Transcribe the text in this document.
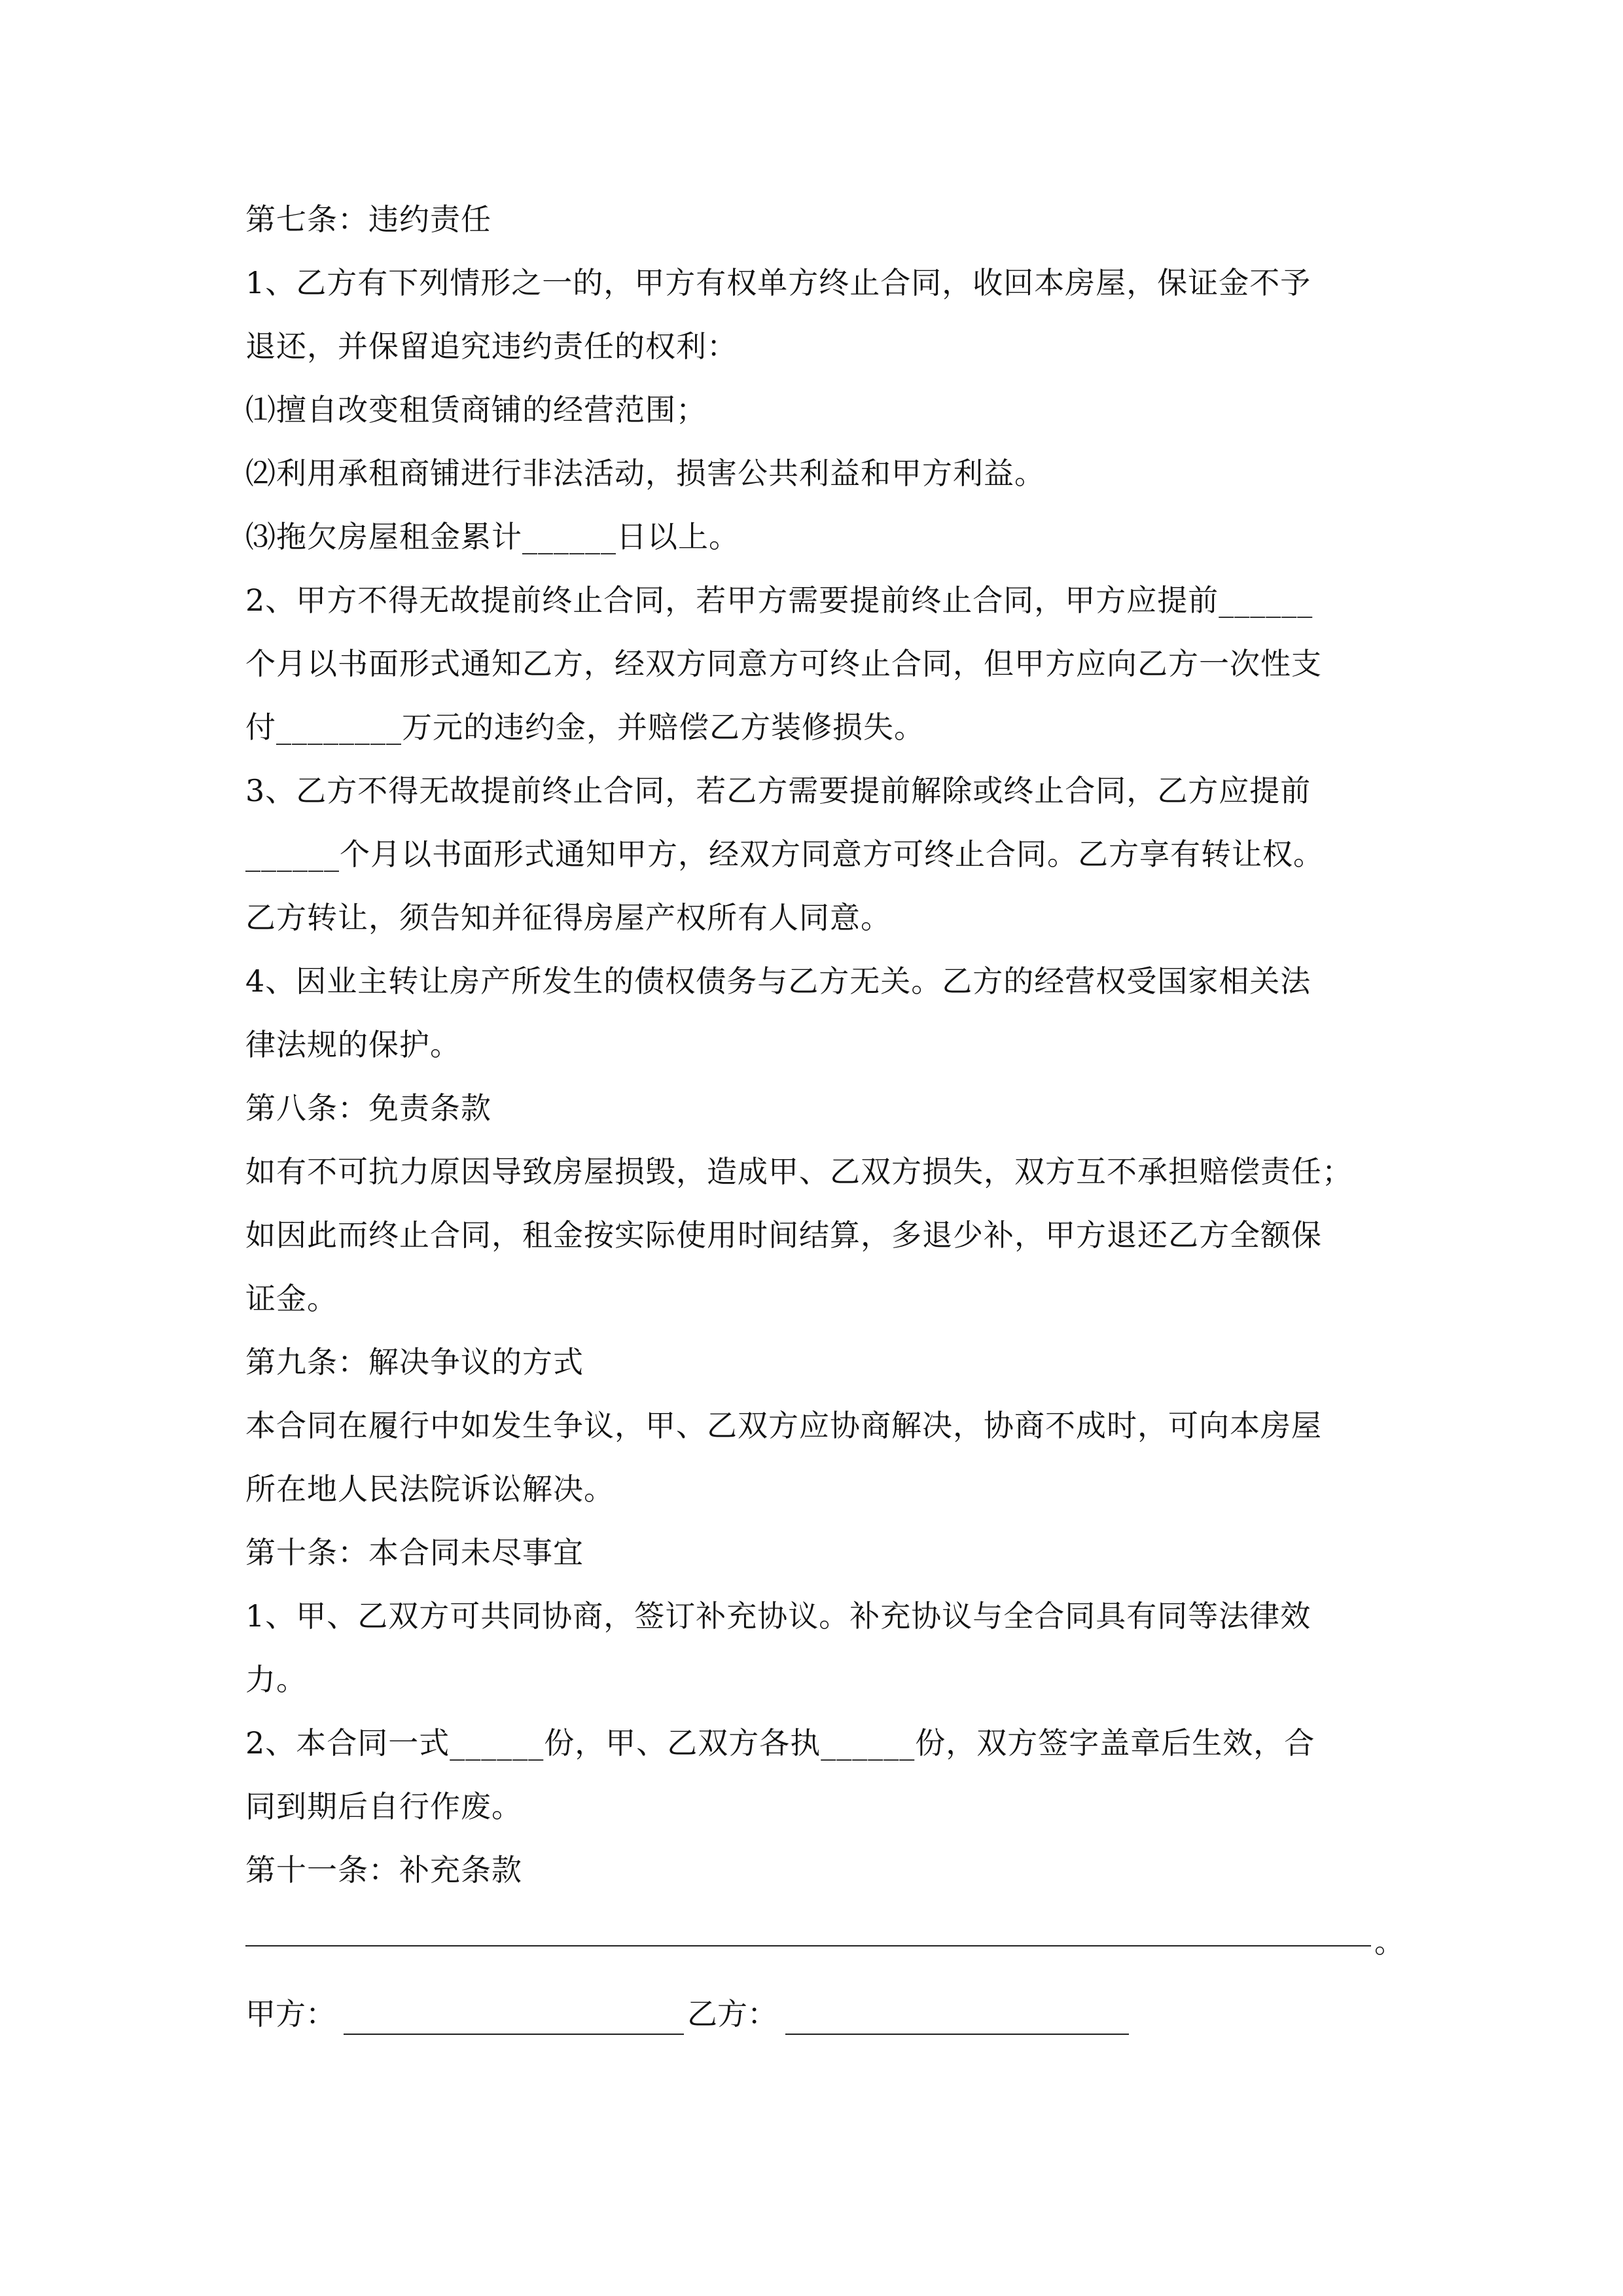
第七条：违约责任
1、乙方有下列情形之一的，甲方有权单方终止合同，收回本房屋，保证金不予
退还，并保留追究违约责任的权利：
⑴擅自改变租赁商铺的经营范围；
⑵利用承租商铺进行非法活动，损害公共利益和甲方利益。
⑶拖欠房屋租金累计______日以上。
2、甲方不得无故提前终止合同，若甲方需要提前终止合同，甲方应提前______
个月以书面形式通知乙方，经双方同意方可终止合同，但甲方应向乙方一次性支
付________万元的违约金，并赔偿乙方装修损失。
3、乙方不得无故提前终止合同，若乙方需要提前解除或终止合同，乙方应提前
______个月以书面形式通知甲方，经双方同意方可终止合同。乙方享有转让权。
乙方转让，须告知并征得房屋产权所有人同意。
4、因业主转让房产所发生的债权债务与乙方无关。乙方的经营权受国家相关法
律法规的保护。
第八条：免责条款
如有不可抗力原因导致房屋损毁，造成甲、乙双方损失，双方互不承担赔偿责任；
如因此而终止合同，租金按实际使用时间结算，多退少补，甲方退还乙方全额保
证金。
第九条：解决争议的方式
本合同在履行中如发生争议，甲、乙双方应协商解决，协商不成时，可向本房屋
所在地人民法院诉讼解决。
第十条：本合同未尽事宜
1、甲、乙双方可共同协商，签订补充协议。补充协议与全合同具有同等法律效
力。
2、本合同一式______份，甲、乙双方各执______份，双方签字盖章后生效，合
同到期后自行作废。
第十一条：补充条款
。
甲方：	乙方：
